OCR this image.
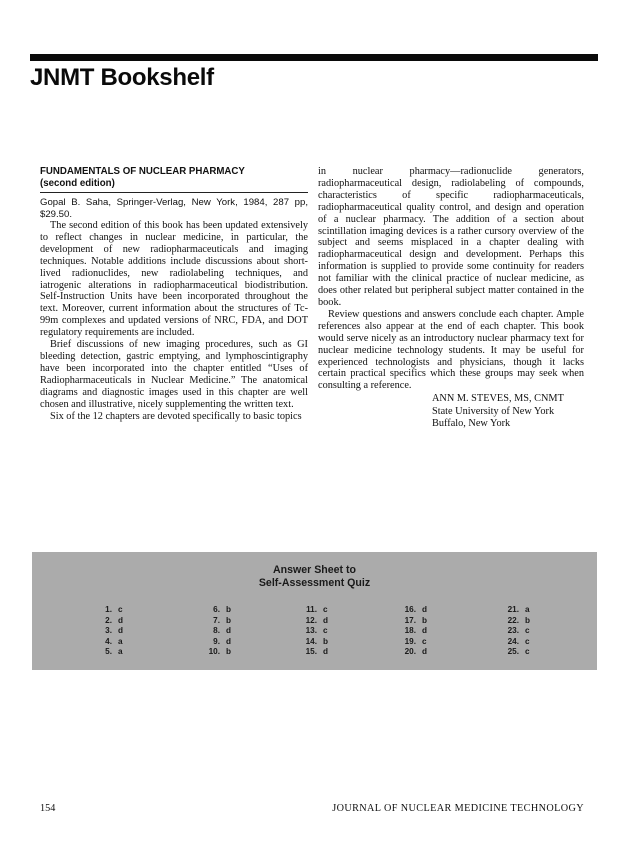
JNMT Bookshelf
FUNDAMENTALS OF NUCLEAR PHARMACY
(second edition)

Gopal B. Saha, Springer-Verlag, New York, 1984, 287 pp, $29.50.

The second edition of this book has been updated extensively to reflect changes in nuclear medicine, in particular, the development of new radiopharmaceuticals and imaging techniques. Notable additions include discussions about short-lived radionuclides, new radiolabeling techniques, and iatrogenic alterations in radiopharmaceutical biodistribution. Self-Instruction Units have been incorporated throughout the text. Moreover, current information about the structures of Tc-99m complexes and updated versions of NRC, FDA, and DOT regulatory requirements are included.

Brief discussions of new imaging procedures, such as GI bleeding detection, gastric emptying, and lymphoscintigraphy have been incorporated into the chapter entitled “Uses of Radiopharmaceuticals in Nuclear Medicine.” The anatomical diagrams and diagnostic images used in this chapter are well chosen and illustrative, nicely supplementing the written text.

Six of the 12 chapters are devoted specifically to basic topics

in nuclear pharmacy—radionuclide generators, radiopharmaceutical design, radiolabeling of compounds, characteristics of specific radiopharmaceuticals, radiopharmaceutical quality control, and design and operation of a nuclear pharmacy. The addition of a section about scintillation imaging devices is a rather cursory overview of the subject and seems misplaced in a chapter dealing with radiopharmaceutical design and development. Perhaps this information is supplied to provide some continuity for readers not familiar with the clinical practice of nuclear medicine, as does other related but peripheral subject matter contained in the book.

Review questions and answers conclude each chapter. Ample references also appear at the end of each chapter. This book would serve nicely as an introductory nuclear pharmacy text for nuclear medicine technology students. It may be useful for experienced technologists and physicians, though it lacks certain practical specifics which these groups may seek when consulting a reference.

ANN M. STEVES, MS, CNMT
State University of New York
Buffalo, New York
Answer Sheet to
Self-Assessment Quiz
1. c
2. d
3. d
4. a
5. a
6. b
7. b
8. d
9. d
10. b
11. c
12. d
13. c
14. b
15. d
16. d
17. b
18. d
19. c
20. d
21. a
22. b
23. c
24. c
25. c
154	JOURNAL OF NUCLEAR MEDICINE TECHNOLOGY
